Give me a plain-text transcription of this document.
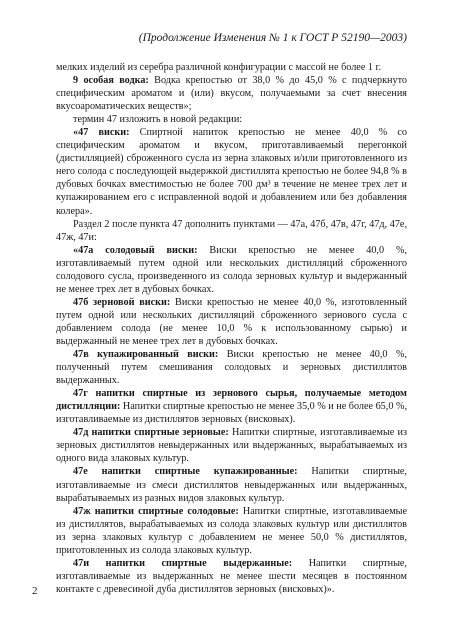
(Продолжение Изменения № 1 к ГОСТ Р 52190—2003)

мелких изделий из серебра различной конфигурации с массой не более 1 г.

9 особая водка: Водка крепостью от 38,0 % до 45,0 % с подчеркнуто специфическим ароматом и (или) вкусом, получаемыми за счет внесения вкусоароматических веществ»;

термин 47 изложить в новой редакции:

«47 виски: Спиртной напиток крепостью не менее 40,0 % со специфическим ароматом и вкусом, приготавливаемый перегонкой (дистилляцией) сброженного сусла из зерна злаковых и/или приготовленного из него солода с последующей выдержкой дистиллята крепостью не более 94,8 % в дубовых бочках вместимостью не более 700 дм³ в течение не менее трех лет и купажированием его с исправленной водой и добавлением или без добавления колера».

Раздел 2 после пункта 47 дополнить пунктами — 47а, 47б, 47в, 47г, 47д, 47е, 47ж, 47и:

«47а солодовый виски: Виски крепостью не менее 40,0 %, изготавливаемый путем одной или нескольких дистилляций сброженного солодового сусла, произведенного из солода зерновых культур и выдержанный не менее трех лет в дубовых бочках.

47б зерновой виски: Виски крепостью не менее 40,0 %, изготовленный путем одной или нескольких дистилляций сброженного зернового сусла с добавлением солода (не менее 10,0 % к использованному сырью) и выдержанный не менее трех лет в дубовых бочках.

47в купажированный виски: Виски крепостью не менее 40,0 %, полученный путем смешивания солодовых и зерновых дистиллятов выдержанных.

47г напитки спиртные из зернового сырья, получаемые методом дистилляции: Напитки спиртные крепостью не менее 35,0 % и не более 65,0 %, изготавливаемые из дистиллятов зерновых (висковых).

47д напитки спиртные зерновые: Напитки спиртные, изготавливаемые из зерновых дистиллятов невыдержанных или выдержанных, вырабатываемых из одного вида злаковых культур.

47е напитки спиртные купажированные: Напитки спиртные, изготавливаемые из смеси дистиллятов невыдержанных или выдержанных, вырабатываемых из разных видов злаковых культур.

47ж напитки спиртные солодовые: Напитки спиртные, изготавливаемые из дистиллятов, вырабатываемых из солода злаковых культур или дистиллятов из зерна злаковых культур с добавлением не менее 50,0 % дистиллятов, приготовленных из солода злаковых культур.

47и напитки спиртные выдержанные: Напитки спиртные, изготавливаемые из выдержанных не менее шести месяцев в постоянном контакте с древесиной дуба дистиллятов зерновых (висковых)».

2
